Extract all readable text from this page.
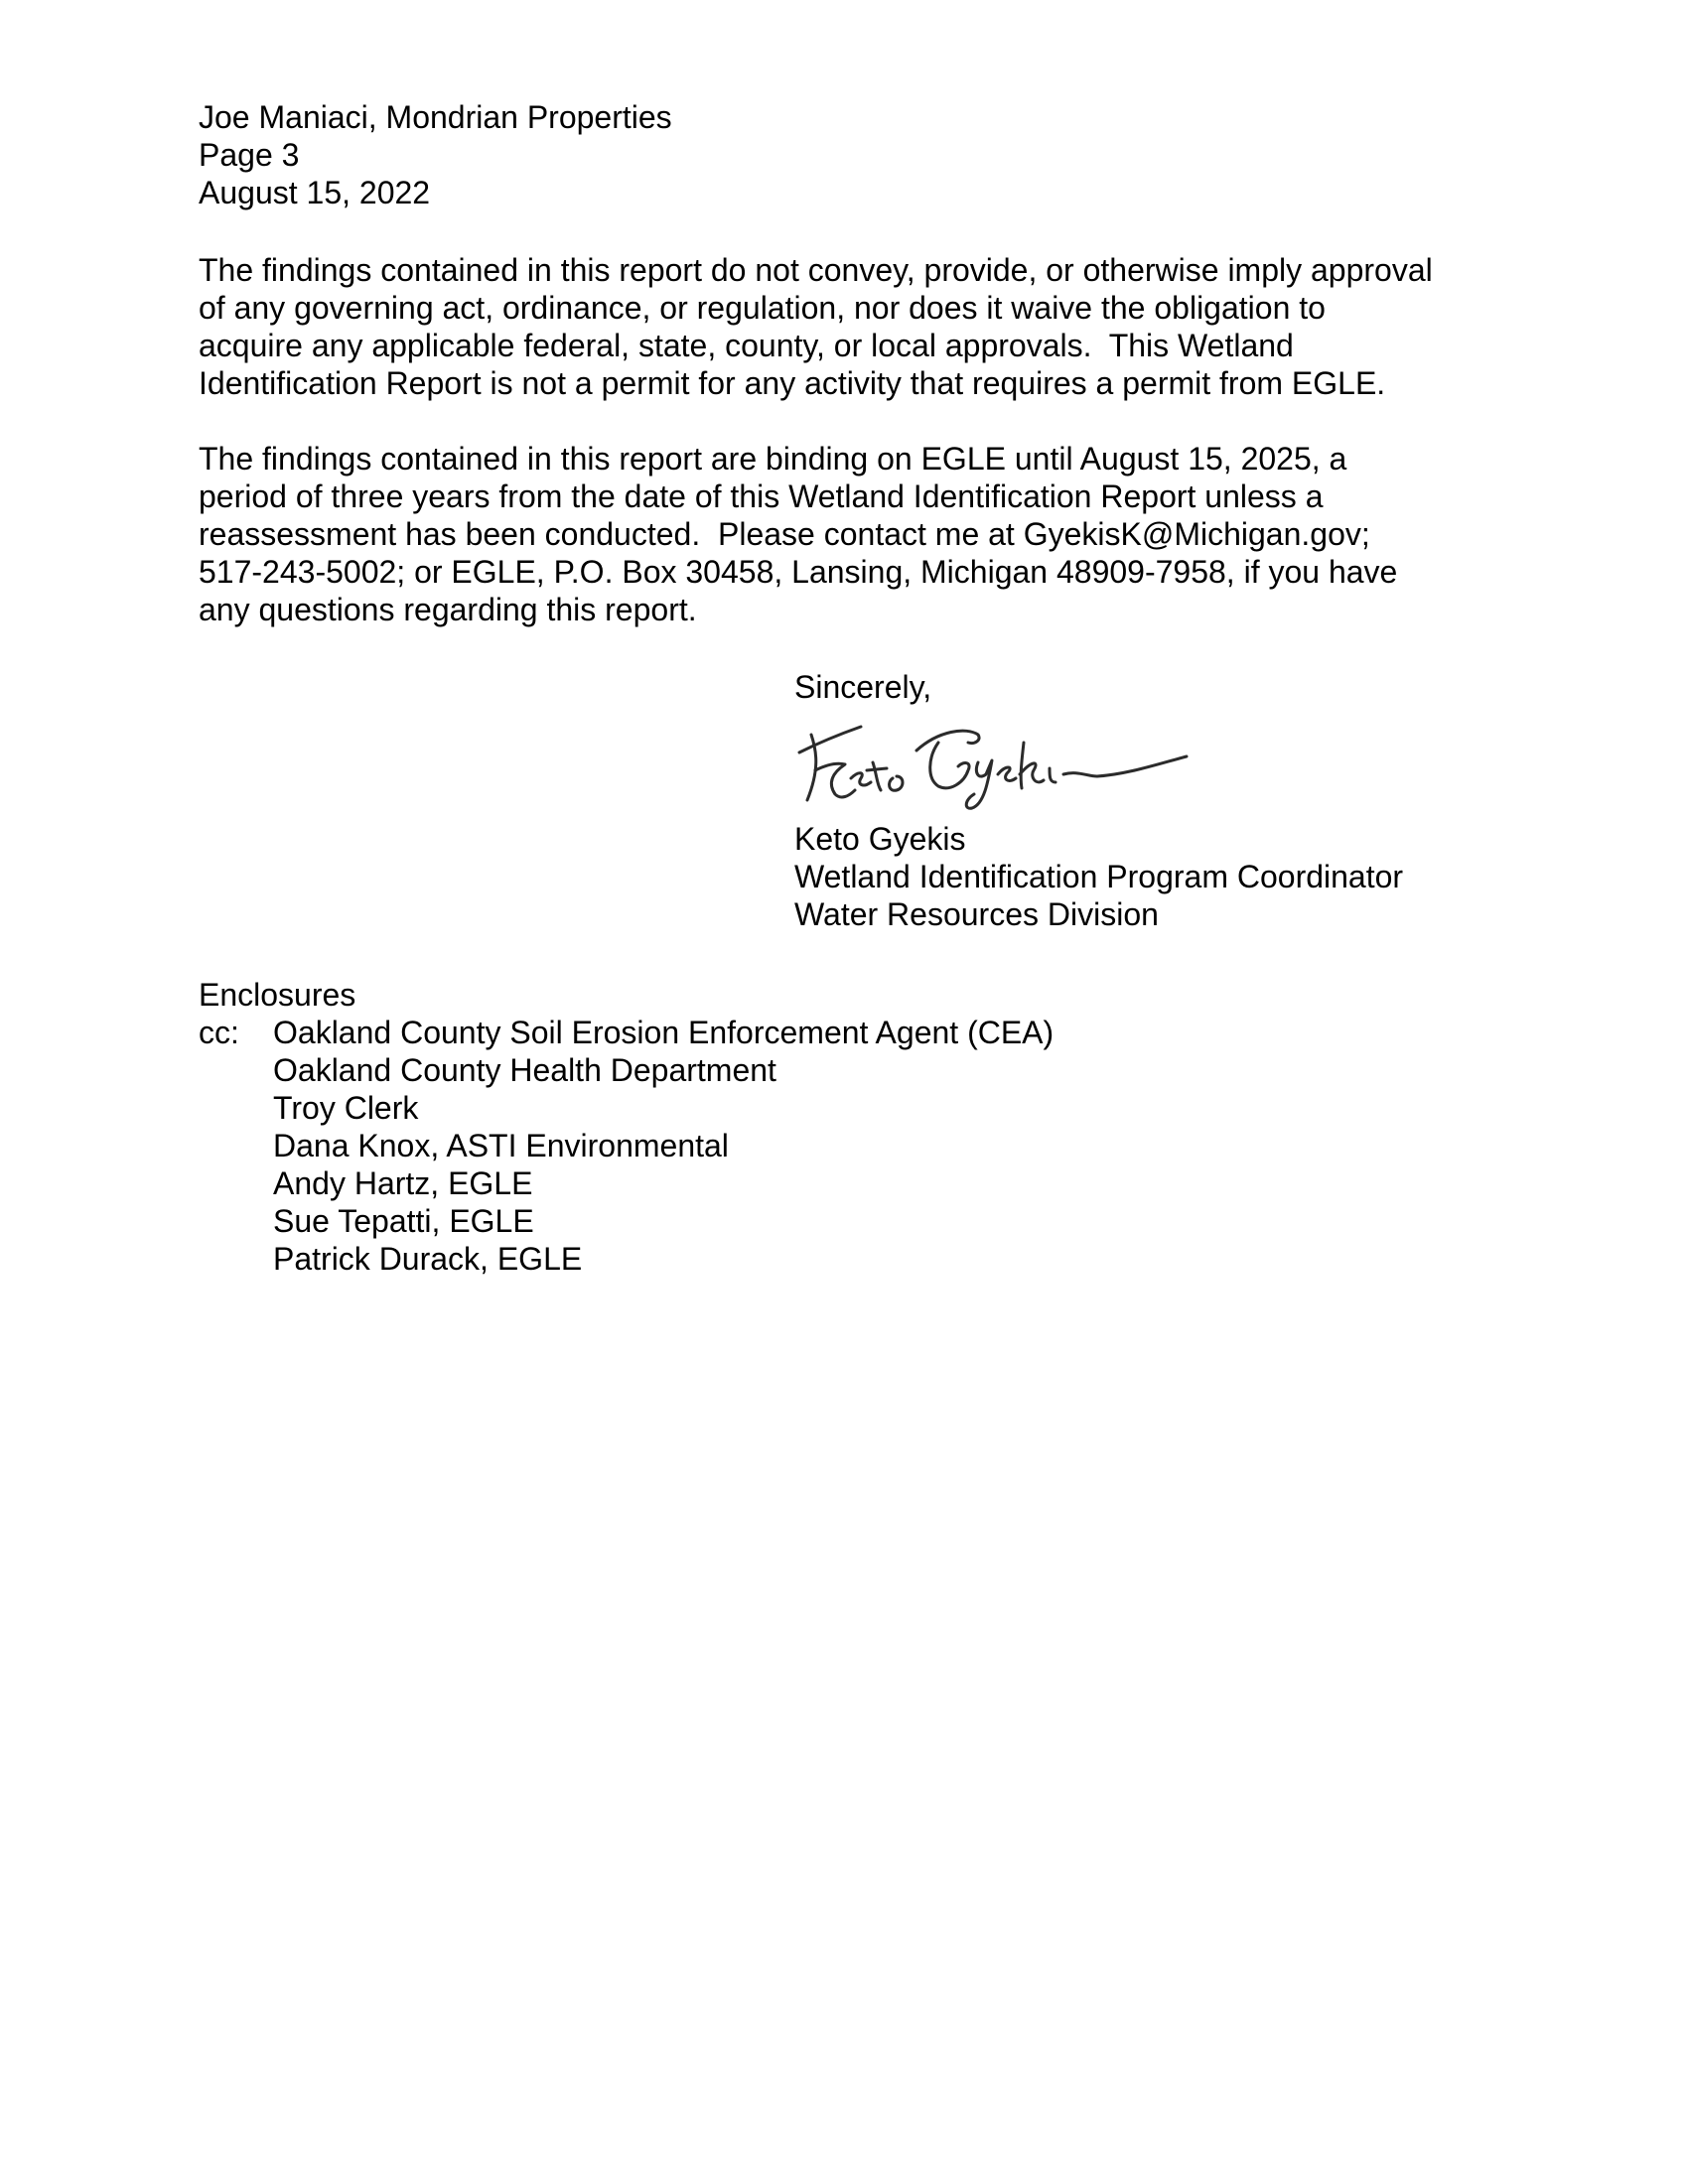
Joe Maniaci, Mondrian Properties
Page 3
August 15, 2022
The findings contained in this report do not convey, provide, or otherwise imply approval
of any governing act, ordinance, or regulation, nor does it waive the obligation to
acquire any applicable federal, state, county, or local approvals.  This Wetland
Identification Report is not a permit for any activity that requires a permit from EGLE.
The findings contained in this report are binding on EGLE until August 15, 2025, a
period of three years from the date of this Wetland Identification Report unless a
reassessment has been conducted.  Please contact me at GyekisK@Michigan.gov;
517-243-5002; or EGLE, P.O. Box 30458, Lansing, Michigan 48909-7958, if you have
any questions regarding this report.
Sincerely,
Keto Gyekis
Wetland Identification Program Coordinator
Water Resources Division
Enclosures
cc:	Oakland County Soil Erosion Enforcement Agent (CEA)
Oakland County Health Department
Troy Clerk
Dana Knox, ASTI Environmental
Andy Hartz, EGLE
Sue Tepatti, EGLE
Patrick Durack, EGLE
